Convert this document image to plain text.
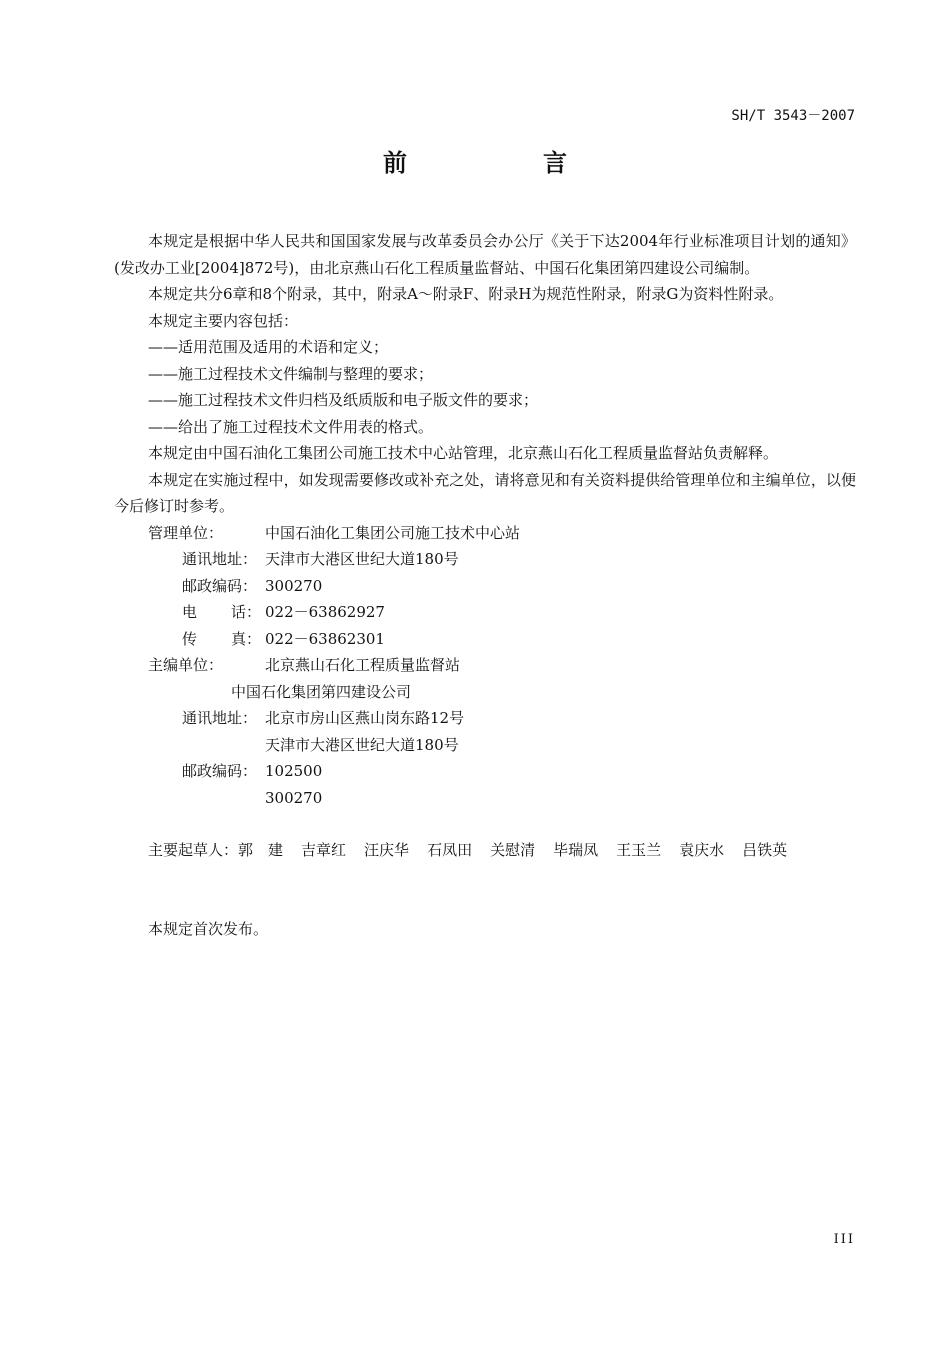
SH/T 3543－2007
前	言
本规定是根据中华人民共和国国家发展与改革委员会办公厅《关于下达2004年行业标准项目计划的通知》(发改办工业[2004]872号)，由北京燕山石化工程质量监督站、中国石化集团第四建设公司编制。
本规定共分6章和8个附录，其中，附录A～附录F、附录H为规范性附录，附录G为资料性附录。
本规定主要内容包括：
——适用范围及适用的术语和定义；
——施工过程技术文件编制与整理的要求；
——施工过程技术文件归档及纸质版和电子版文件的要求；
——给出了施工过程技术文件用表的格式。
本规定由中国石油化工集团公司施工技术中心站管理，北京燕山石化工程质量监督站负责解释。
本规定在实施过程中，如发现需要修改或补充之处，请将意见和有关资料提供给管理单位和主编单位，以便今后修订时参考。
管理单位：	中国石油化工集团公司施工技术中心站
通讯地址： 天津市大港区世纪大道180号
邮政编码： 300270
电 话： 022－63862927
传 真： 022－63862301
主编单位：	北京燕山石化工程质量监督站
中国石化集团第四建设公司
通讯地址： 北京市房山区燕山岗东路12号
天津市大港区世纪大道180号
邮政编码： 102500
300270
主要起草人：郭　建 吉章红 汪庆华 石凤田 关慰清 毕瑞凤 王玉兰 袁庆水 吕铁英
本规定首次发布。
III
